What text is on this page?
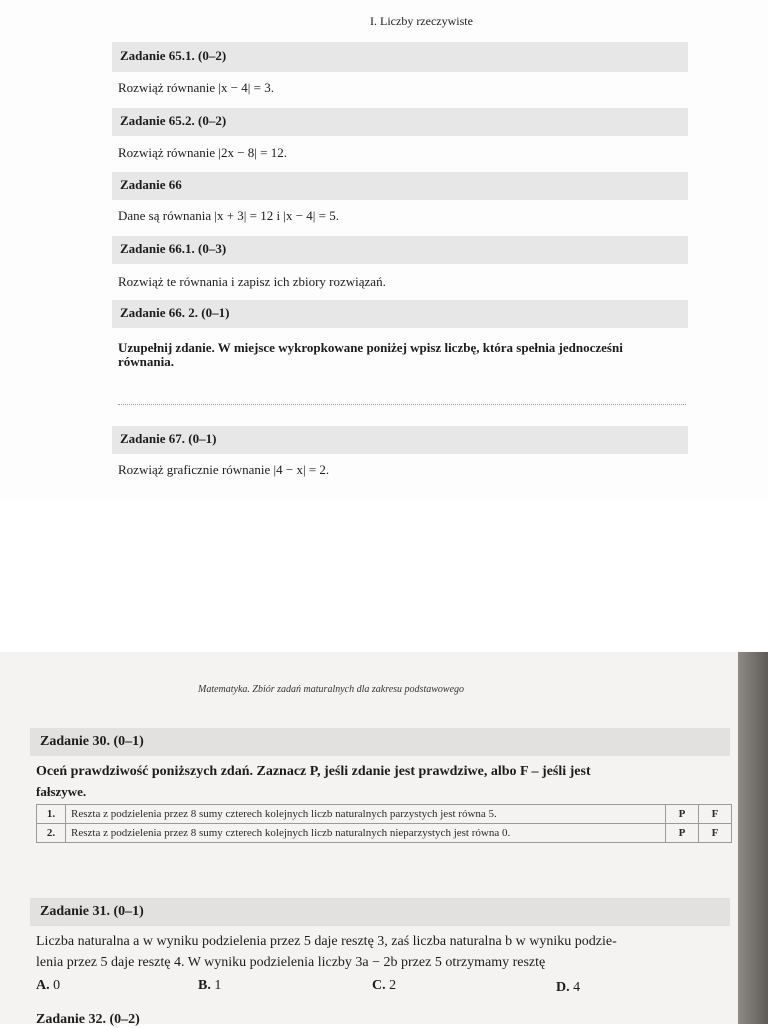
I. Liczby rzeczywiste
Zadanie 65.1. (0–2)
Rozwiąż równanie |x − 4| = 3.
Zadanie 65.2. (0–2)
Rozwiąż równanie |2x − 8| = 12.
Zadanie 66
Dane są równania |x + 3| = 12 i |x − 4| = 5.
Zadanie 66.1. (0–3)
Rozwiąż te równania i zapisz ich zbiory rozwiązań.
Zadanie 66. 2. (0–1)
Uzupełnij zdanie. W miejsce wykropkowane poniżej wpisz liczbę, która spełnia jednocześni
równania.
Zadanie 67. (0–1)
Rozwiąż graficznie równanie |4 − x| = 2.
Matematyka. Zbiór zadań maturalnych dla zakresu podstawowego
Zadanie 30. (0–1)
Oceń prawdziwość poniższych zdań. Zaznacz P, jeśli zdanie jest prawdziwe, albo F – jeśli jest
fałszywe.
1.	Reszta z podzielenia przez 8 sumy czterech kolejnych liczb naturalnych parzystych jest równa 5.	P	F
2.	Reszta z podzielenia przez 8 sumy czterech kolejnych liczb naturalnych nieparzystych jest równa 0.	P	F
Zadanie 31. (0–1)
Liczba naturalna a w wyniku podzielenia przez 5 daje resztę 3, zaś liczba naturalna b w wyniku podzie-
lenia przez 5 daje resztę 4. W wyniku podzielenia liczby 3a − 2b przez 5 otrzymamy resztę
A. 0	B. 1	C. 2	D. 4
Zadanie 32. (0–2)
